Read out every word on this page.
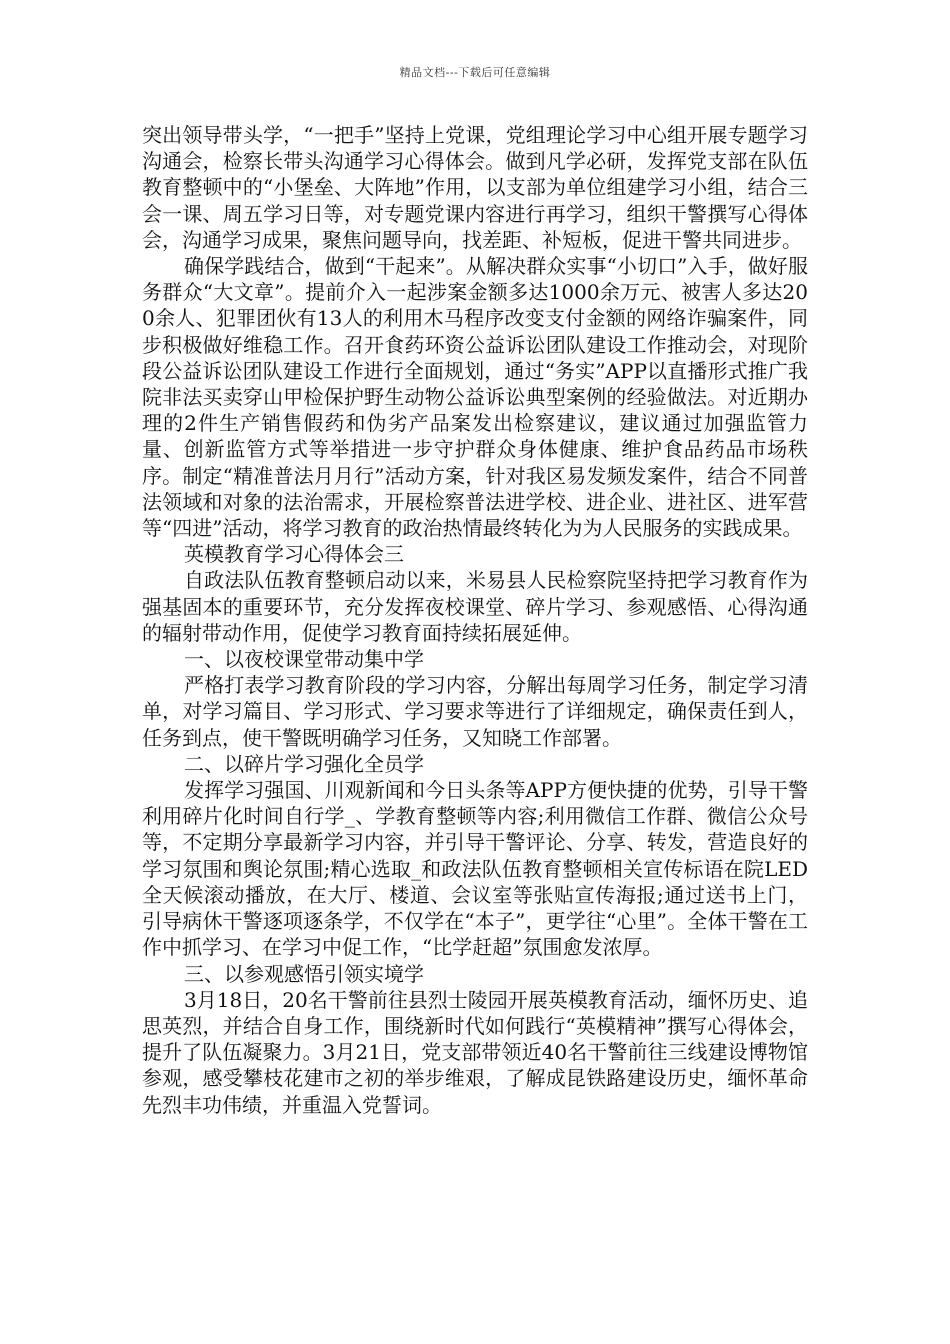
精品文档---下载后可任意编辑

突出领导带头学，“一把手”坚持上党课，党组理论学习中心组开展专题学习沟通会，检察长带头沟通学习心得体会。做到凡学必研，发挥党支部在队伍教育整顿中的“小堡垒、大阵地”作用，以支部为单位组建学习小组，结合三会一课、周五学习日等，对专题党课内容进行再学习，组织干警撰写心得体会，沟通学习成果，聚焦问题导向，找差距、补短板，促进干警共同进步。

确保学践结合，做到“干起来”。从解决群众实事“小切口”入手，做好服务群众“大文章”。提前介入一起涉案金额多达1000余万元、被害人多达200余人、犯罪团伙有13人的利用木马程序改变支付金额的网络诈骗案件，同步积极做好维稳工作。召开食药环资公益诉讼团队建设工作推动会，对现阶段公益诉讼团队建设工作进行全面规划，通过“务实”APP以直播形式推广我院非法买卖穿山甲检保护野生动物公益诉讼典型案例的经验做法。对近期办理的2件生产销售假药和伪劣产品案发出检察建议，建议通过加强监管力量、创新监管方式等举措进一步守护群众身体健康、维护食品药品市场秩序。制定“精准普法月月行”活动方案，针对我区易发频发案件，结合不同普法领域和对象的法治需求，开展检察普法进学校、进企业、进社区、进军营等“四进”活动，将学习教育的政治热情最终转化为为人民服务的实践成果。

英模教育学习心得体会三

自政法队伍教育整顿启动以来，米易县人民检察院坚持把学习教育作为强基固本的重要环节，充分发挥夜校课堂、碎片学习、参观感悟、心得沟通的辐射带动作用，促使学习教育面持续拓展延伸。

一、以夜校课堂带动集中学

严格打表学习教育阶段的学习内容，分解出每周学习任务，制定学习清单，对学习篇目、学习形式、学习要求等进行了详细规定，确保责任到人，任务到点，使干警既明确学习任务，又知晓工作部署。

二、以碎片学习强化全员学

发挥学习强国、川观新闻和今日头条等APP方便快捷的优势，引导干警利用碎片化时间自行学_、学教育整顿等内容;利用微信工作群、微信公众号等，不定期分享最新学习内容，并引导干警评论、分享、转发，营造良好的学习氛围和舆论氛围;精心选取_和政法队伍教育整顿相关宣传标语在院LED全天候滚动播放，在大厅、楼道、会议室等张贴宣传海报;通过送书上门，引导病休干警逐项逐条学，不仅学在“本子”，更学往“心里”。全体干警在工作中抓学习、在学习中促工作，“比学赶超”氛围愈发浓厚。

三、以参观感悟引领实境学

3月18日，20名干警前往县烈士陵园开展英模教育活动，缅怀历史、追思英烈，并结合自身工作，围绕新时代如何践行“英模精神”撰写心得体会，提升了队伍凝聚力。3月21日，党支部带领近40名干警前往三线建设博物馆参观，感受攀枝花建市之初的举步维艰，了解成昆铁路建设历史，缅怀革命先烈丰功伟绩，并重温入党誓词。
